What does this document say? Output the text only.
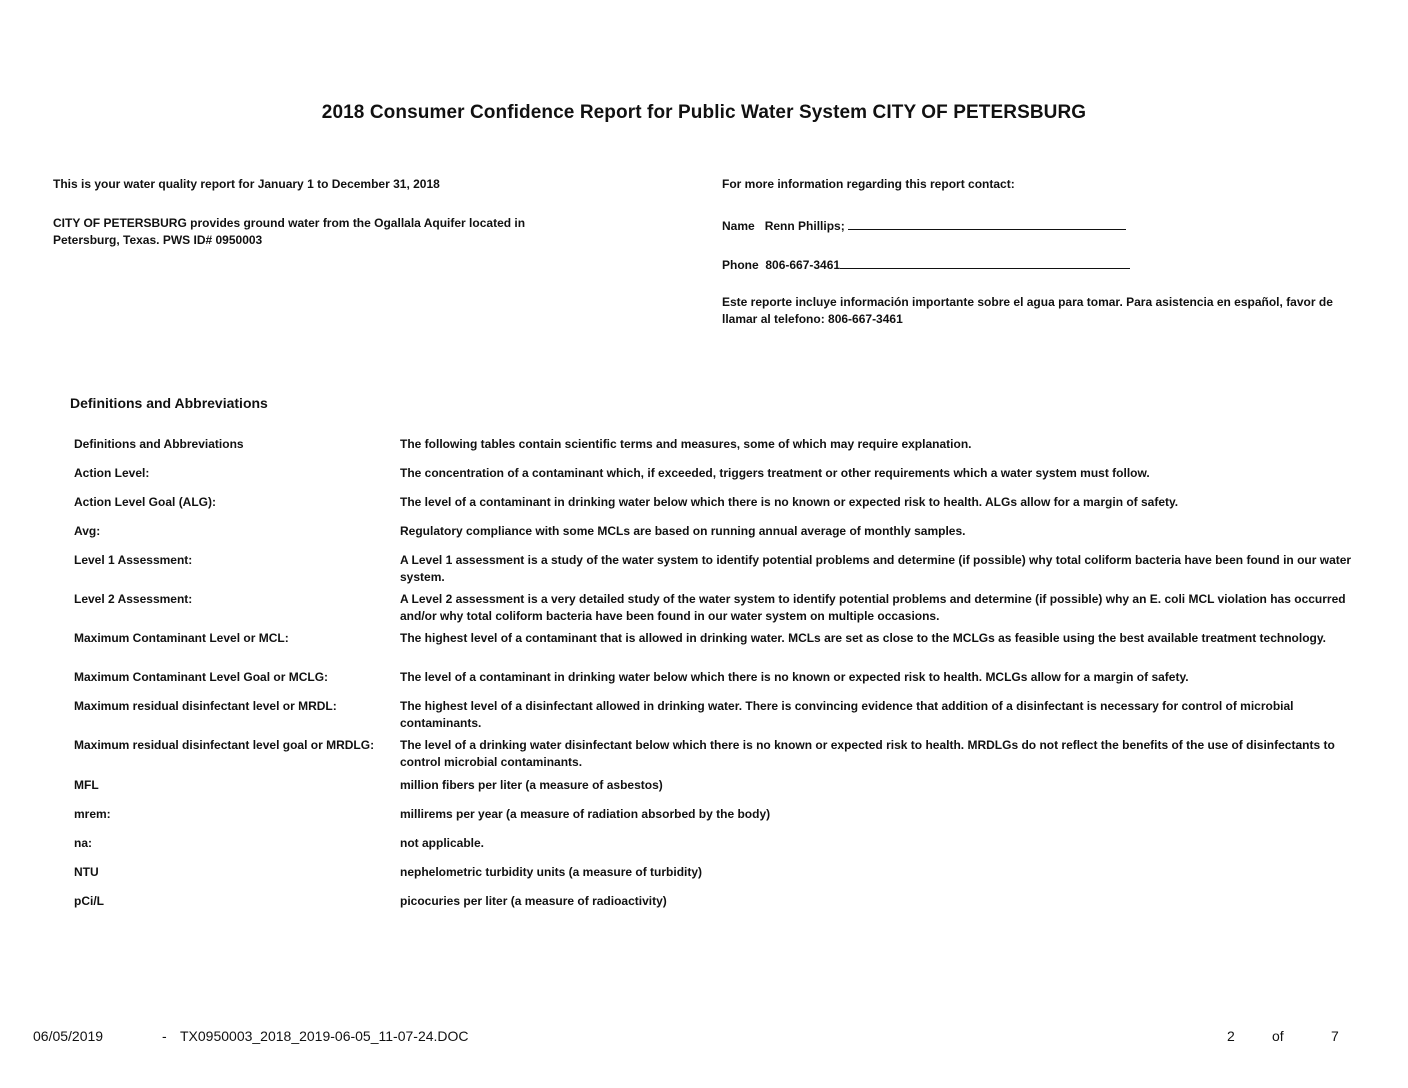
2018 Consumer Confidence Report for Public Water System CITY OF PETERSBURG
This is your water quality report for January 1 to December 31, 2018
CITY OF PETERSBURG provides ground water from the Ogallala Aquifer located in
Petersburg, Texas. PWS ID# 0950003
For more information regarding this report contact:
Name Renn Phillips;
Phone 806-667-3461
Este reporte incluye información importante sobre el agua para tomar. Para asistencia en español, favor de
llamar al telefono: 806-667-3461
Definitions and Abbreviations
Definitions and Abbreviations	The following tables contain scientific terms and measures, some of which may require explanation.
Action Level:	The concentration of a contaminant which, if exceeded, triggers treatment or other requirements which a water system must follow.
Action Level Goal (ALG):	The level of a contaminant in drinking water below which there is no known or expected risk to health. ALGs allow for a margin of safety.
Avg:	Regulatory compliance with some MCLs are based on running annual average of monthly samples.
Level 1 Assessment:	A Level 1 assessment is a study of the water system to identify potential problems and determine (if possible) why total coliform bacteria have been found in our water system.
Level 2 Assessment:	A Level 2 assessment is a very detailed study of the water system to identify potential problems and determine (if possible) why an E. coli MCL violation has occurred and/or why total coliform bacteria have been found in our water system on multiple occasions.
Maximum Contaminant Level or MCL:	The highest level of a contaminant that is allowed in drinking water. MCLs are set as close to the MCLGs as feasible using the best available treatment technology.
Maximum Contaminant Level Goal or MCLG:	The level of a contaminant in drinking water below which there is no known or expected risk to health. MCLGs allow for a margin of safety.
Maximum residual disinfectant level or MRDL:	The highest level of a disinfectant allowed in drinking water. There is convincing evidence that addition of a disinfectant is necessary for control of microbial contaminants.
Maximum residual disinfectant level goal or MRDLG:	The level of a drinking water disinfectant below which there is no known or expected risk to health. MRDLGs do not reflect the benefits of the use of disinfectants to control microbial contaminants.
MFL	million fibers per liter (a measure of asbestos)
mrem:	millirems per year (a measure of radiation absorbed by the body)
na:	not applicable.
NTU	nephelometric turbidity units (a measure of turbidity)
pCi/L	picocuries per liter (a measure of radioactivity)
06/05/2019	- TX0950003_2018_2019-06-05_11-07-24.DOC	2	of	7
